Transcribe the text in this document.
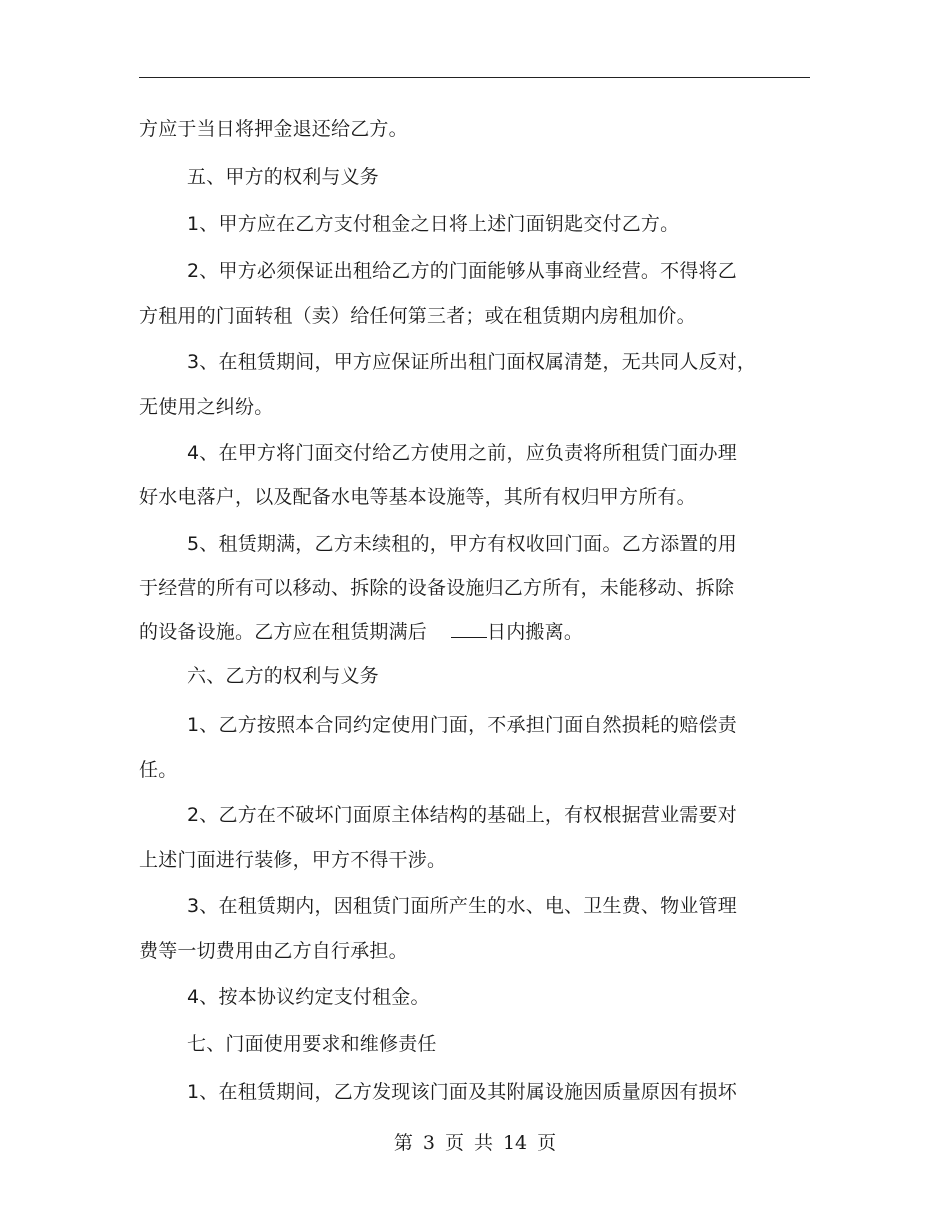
方应于当日将押金退还给乙方。
五、甲方的权利与义务
1、甲方应在乙方支付租金之日将上述门面钥匙交付乙方。
2、甲方必须保证出租给乙方的门面能够从事商业经营。不得将乙
方租用的门面转租（卖）给任何第三者；或在租赁期内房租加价。
3、在租赁期间，甲方应保证所出租门面权属清楚，无共同人反对，
无使用之纠纷。
4、在甲方将门面交付给乙方使用之前，应负责将所租赁门面办理
好水电落户，以及配备水电等基本设施等，其所有权归甲方所有。
5、租赁期满，乙方未续租的，甲方有权收回门面。乙方添置的用
于经营的所有可以移动、拆除的设备设施归乙方所有，未能移动、拆除
的设备设施。乙方应在租赁期满后	日内搬离。
六、乙方的权利与义务
1、乙方按照本合同约定使用门面，不承担门面自然损耗的赔偿责
任。
2、乙方在不破坏门面原主体结构的基础上，有权根据营业需要对
上述门面进行装修，甲方不得干涉。
3、在租赁期内，因租赁门面所产生的水、电、卫生费、物业管理
费等一切费用由乙方自行承担。
4、按本协议约定支付租金。
七、门面使用要求和维修责任
1、在租赁期间，乙方发现该门面及其附属设施因质量原因有损坏
第 3 页 共 14 页
